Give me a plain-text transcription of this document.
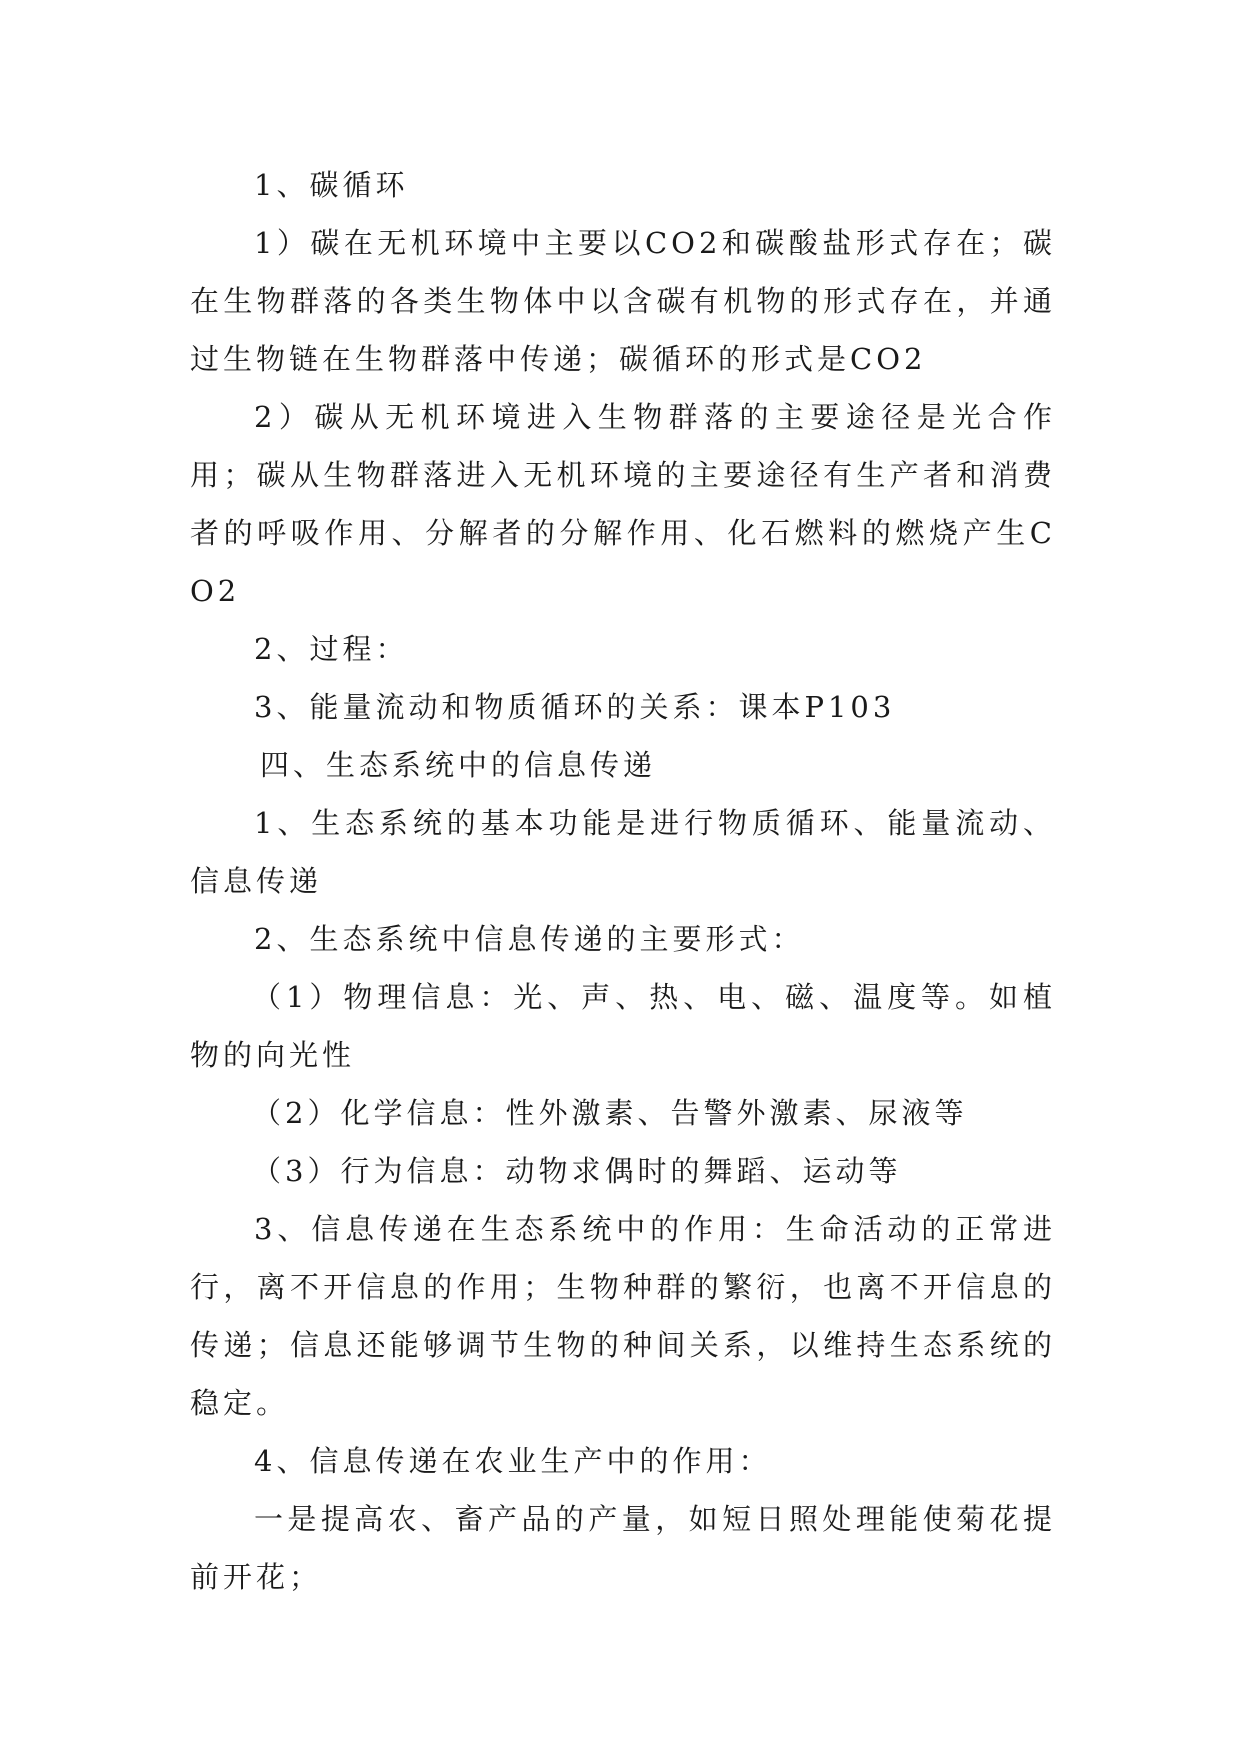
1、碳循环

1）碳在无机环境中主要以CO2和碳酸盐形式存在；碳在生物群落的各类生物体中以含碳有机物的形式存在，并通过生物链在生物群落中传递；碳循环的形式是CO2

2）碳从无机环境进入生物群落的主要途径是光合作用；碳从生物群落进入无机环境的主要途径有生产者和消费者的呼吸作用、分解者的分解作用、化石燃料的燃烧产生CO2

2、过程：

3、能量流动和物质循环的关系：课本P103

四、生态系统中的信息传递

1、生态系统的基本功能是进行物质循环、能量流动、信息传递

2、生态系统中信息传递的主要形式：

（1）物理信息：光、声、热、电、磁、温度等。如植物的向光性

（2）化学信息：性外激素、告警外激素、尿液等

（3）行为信息：动物求偶时的舞蹈、运动等

3、信息传递在生态系统中的作用：生命活动的正常进行，离不开信息的作用；生物种群的繁衍，也离不开信息的传递；信息还能够调节生物的种间关系，以维持生态系统的稳定。

4、信息传递在农业生产中的作用：

一是提高农、畜产品的产量，如短日照处理能使菊花提前开花；
